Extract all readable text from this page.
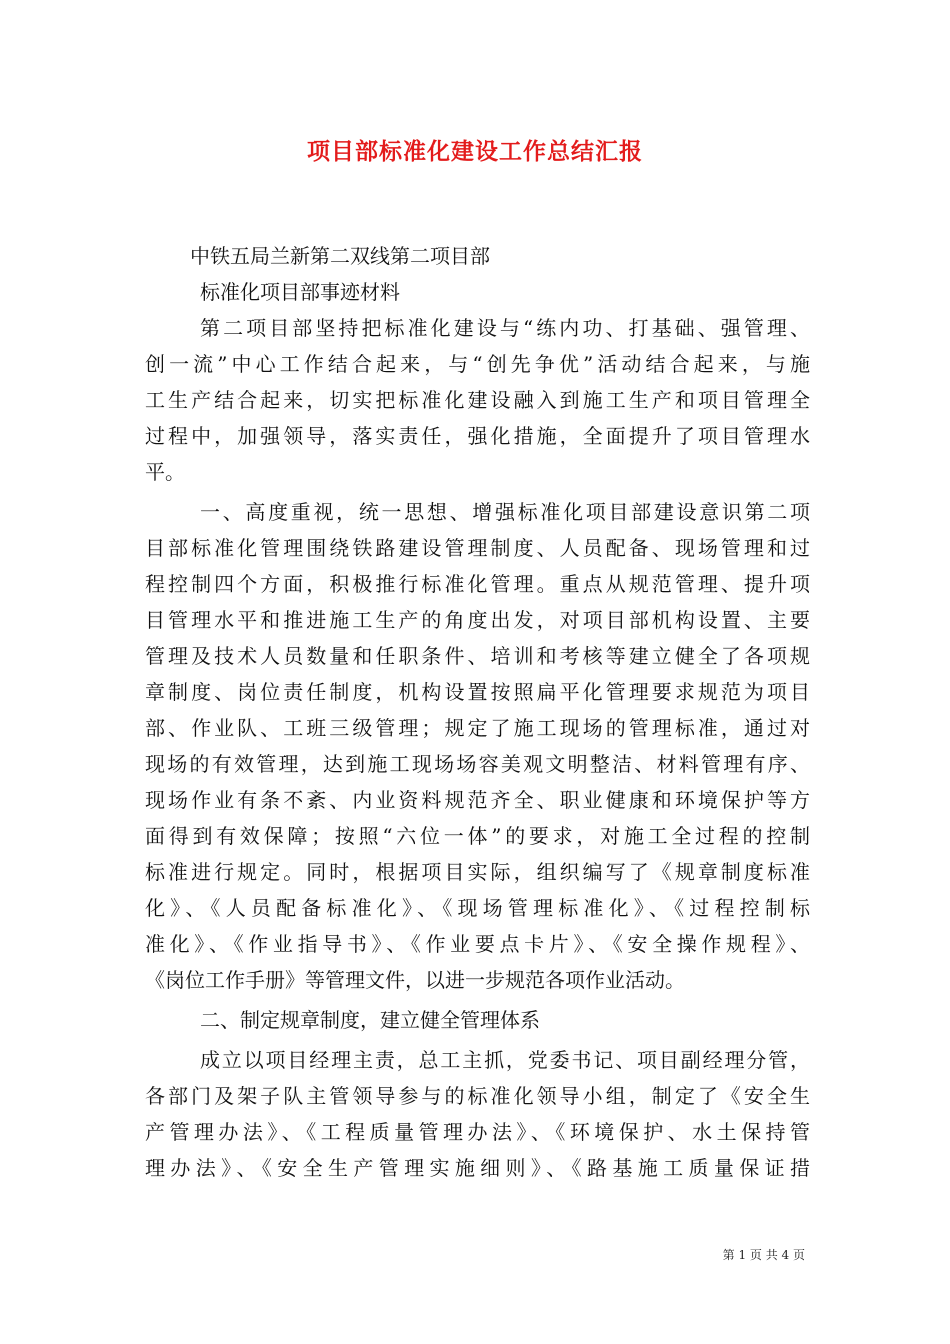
项目部标准化建设工作总结汇报
中铁五局兰新第二双线第二项目部
标准化项目部事迹材料
第二项目部坚持把标准化建设与“练内功、打基础、强管理、
创一流”中心工作结合起来，与“创先争优”活动结合起来，与施
工生产结合起来，切实把标准化建设融入到施工生产和项目管理全
过程中，加强领导，落实责任，强化措施，全面提升了项目管理水
平。
一、高度重视，统一思想、增强标准化项目部建设意识第二项
目部标准化管理围绕铁路建设管理制度、人员配备、现场管理和过
程控制四个方面，积极推行标准化管理。重点从规范管理、提升项
目管理水平和推进施工生产的角度出发，对项目部机构设置、主要
管理及技术人员数量和任职条件、培训和考核等建立健全了各项规
章制度、岗位责任制度，机构设置按照扁平化管理要求规范为项目
部、作业队、工班三级管理；规定了施工现场的管理标准，通过对
现场的有效管理，达到施工现场场容美观文明整洁、材料管理有序、
现场作业有条不紊、内业资料规范齐全、职业健康和环境保护等方
面得到有效保障；按照“六位一体”的要求，对施工全过程的控制
标准进行规定。同时，根据项目实际，组织编写了《规章制度标准
化》、《人员配备标准化》、《现场管理标准化》、《过程控制标
准化》、《作业指导书》、《作业要点卡片》、《安全操作规程》、
《岗位工作手册》等管理文件，以进一步规范各项作业活动。
二、制定规章制度，建立健全管理体系
成立以项目经理主责，总工主抓，党委书记、项目副经理分管，
各部门及架子队主管领导参与的标准化领导小组，制定了《安全生
产管理办法》、《工程质量管理办法》、《环境保护、水土保持管
理办法》、《安全生产管理实施细则》、《路基施工质量保证措
第 1 页 共 4 页
